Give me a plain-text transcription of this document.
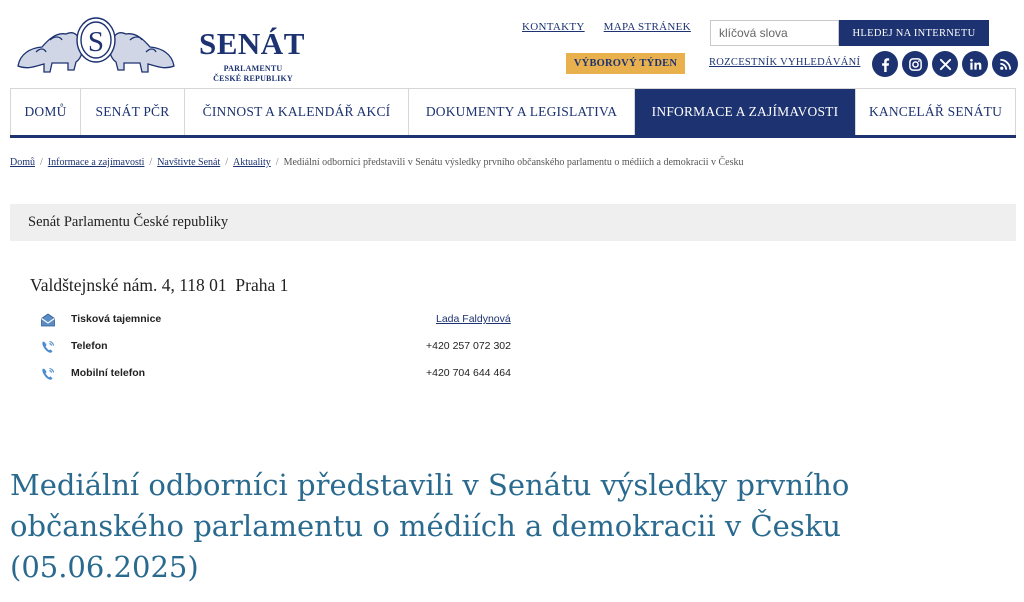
S	SENÁT
PARLAMENTU
ČESKÉ REPUBLIKY
KONTAKTY MAPA STRÁNEK
VÝBOROVÝ TÝDEN
klíčová slova
HLEDEJ NA INTERNETU
ROZCESTNÍK VYHLEDÁVÁNÍ
DOMŮ	SENÁT PČR	ČINNOST A KALENDÁŘ AKCÍ	DOKUMENTY A LEGISLATIVA	INFORMACE A ZAJÍMAVOSTI	KANCELÁŘ SENÁTU
Domů / Informace a zajímavosti / Navštivte Senát / Aktuality / Mediální odborníci představili v Senátu výsledky prvního občanského parlamentu o médiích a demokracii v Česku
Senát Parlamentu České republiky
Valdštejnské nám. 4, 118 01  Praha 1
Tisková tajemnice	Lada Faldynová
Telefon	+420 257 072 302
Mobilní telefon	+420 704 644 464
Mediální odborníci představili v Senátu výsledky prvního občanského parlamentu o médiích a demokracii v Česku (05.06.2025)
